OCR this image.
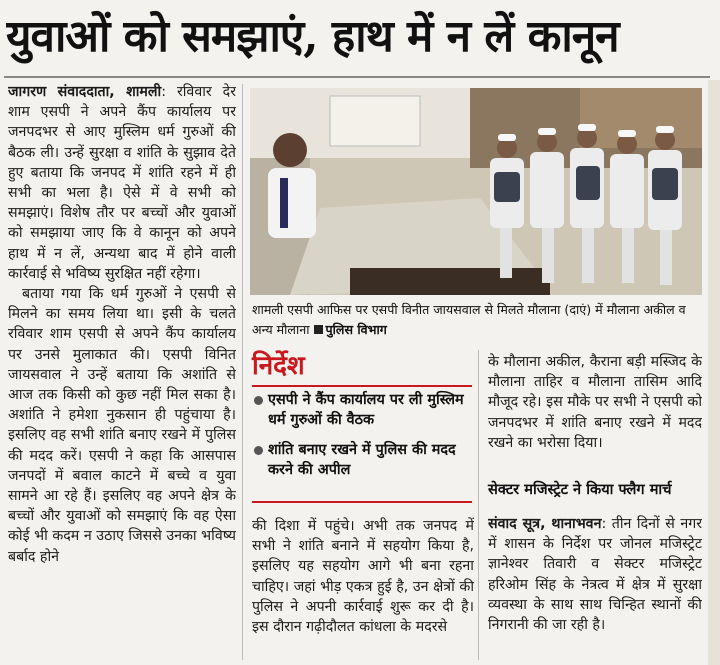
युवाओं को समझाएं, हाथ में न लें कानून

जागरण संवाददाता, शामली: रविवार देर शाम एसपी ने अपने कैंप कार्यालय पर जनपदभर से आए मुस्लिम धर्म गुरुओं की बैठक ली। उन्हें सुरक्षा व शांति के सुझाव देते हुए बताया कि जनपद में शांति रहने में ही सभी का भला है। ऐसे में वे सभी को समझाएं। विशेष तौर पर बच्चों और युवाओं को समझाया जाए कि वे कानून को अपने हाथ में न लें, अन्यथा बाद में होने वाली कार्रवाई से भविष्य सुरक्षित नहीं रहेगा।

बताया गया कि धर्म गुरुओं ने एसपी से मिलने का समय लिया था। इसी के चलते रविवार शाम एसपी से अपने कैंप कार्यालय पर उनसे मुलाकात की। एसपी विनित जायसवाल ने उन्हें बताया कि अशांति से आज तक किसी को कुछ नहीं मिल सका है। अशांति ने हमेशा नुकसान ही पहुंचाया है। इसलिए वह सभी शांति बनाए रखने में पुलिस की मदद करें। एसपी ने कहा कि आसपास जनपदों में बवाल काटने में बच्चे व युवा सामने आ रहे हैं। इसलिए वह अपने क्षेत्र के बच्चों और युवाओं को समझाएं कि वह ऐसा कोई भी कदम न उठाए जिससे उनका भविष्य बर्बाद होने

शामली एसपी आफिस पर एसपी विनीत जायसवाल से मिलते मौलाना (दाएं) में मौलाना अकील व अन्य मौलाना पुलिस विभाग
निर्देश
एसपी ने कैंप कार्यालय पर ली मुस्लिम धर्म गुरुओं की वैठक
शांति बनाए रखने में पुलिस की मदद करने की अपील

की दिशा में पहुंचे। अभी तक जनपद में सभी ने शांति बनाने में सहयोग किया है, इसलिए यह सहयोग आगे भी बना रहना चाहिए। जहां भीड़ एकत्र हुई है, उन क्षेत्रों की पुलिस ने अपनी कार्रवाई शुरू कर दी है। इस दौरान गढ़ीदौलत कांधला के मदरसे

के मौलाना अकील, कैराना बड़ी मस्जिद के मौलाना ताहिर व मौलाना तासिम आदि मौजूद रहे। इस मौके पर सभी ने एसपी को जनपदभर में शांति बनाए रखने में मदद रखने का भरोसा दिया।

सेक्टर मजिस्ट्रेट ने किया फ्लैग मार्च

संवाद सूत्र, थानाभवन: तीन दिनों से नगर में शासन के निर्देश पर जोनल मजिस्ट्रेट ज्ञानेश्वर तिवारी व सेक्टर मजिस्ट्रेट हरिओम सिंह के नेत्रत्व में क्षेत्र में सुरक्षा व्यवस्था के साथ साथ चिन्हित स्थानों की निगरानी की जा रही है।
